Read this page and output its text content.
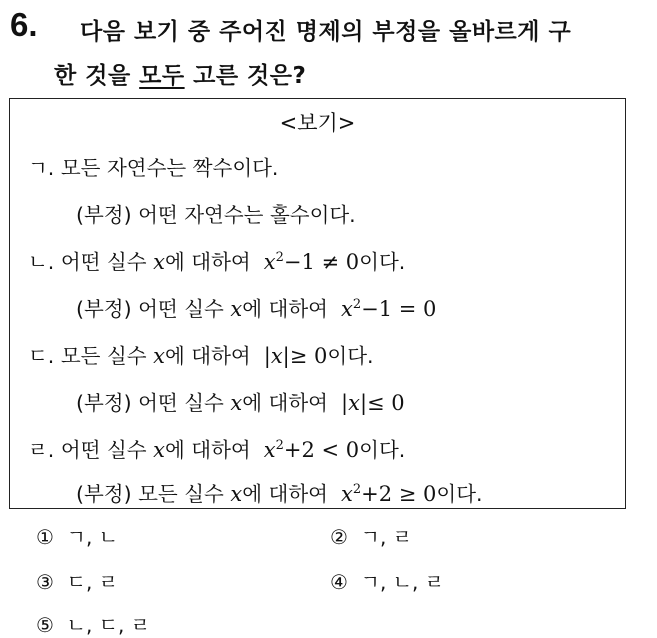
6. 다음 보기 중 주어진 명제의 부정을 올바르게 구
한 것을 모두 고른 것은?
<보기>
ㄱ. 모든 자연수는 짝수이다.
(부정) 어떤 자연수는 홀수이다.
ㄴ. 어떤 실수 x에 대하여 $x^2-1 \ne 0$이다.
(부정) 어떤 실수 x에 대하여 $x^2-1 = 0$
ㄷ. 모든 실수 x에 대하여 |x|≥ 0이다.
(부정) 어떤 실수 x에 대하여 |x|≤ 0
ㄹ. 어떤 실수 x에 대하여 $x^2+2 < 0$이다.
(부정) 모든 실수 x에 대하여 $x^2+2 \ge 0$이다.
① ㄱ, ㄴ	② ㄱ, ㄹ
③ ㄷ, ㄹ	④ ㄱ, ㄴ, ㄹ
⑤ ㄴ, ㄷ, ㄹ
